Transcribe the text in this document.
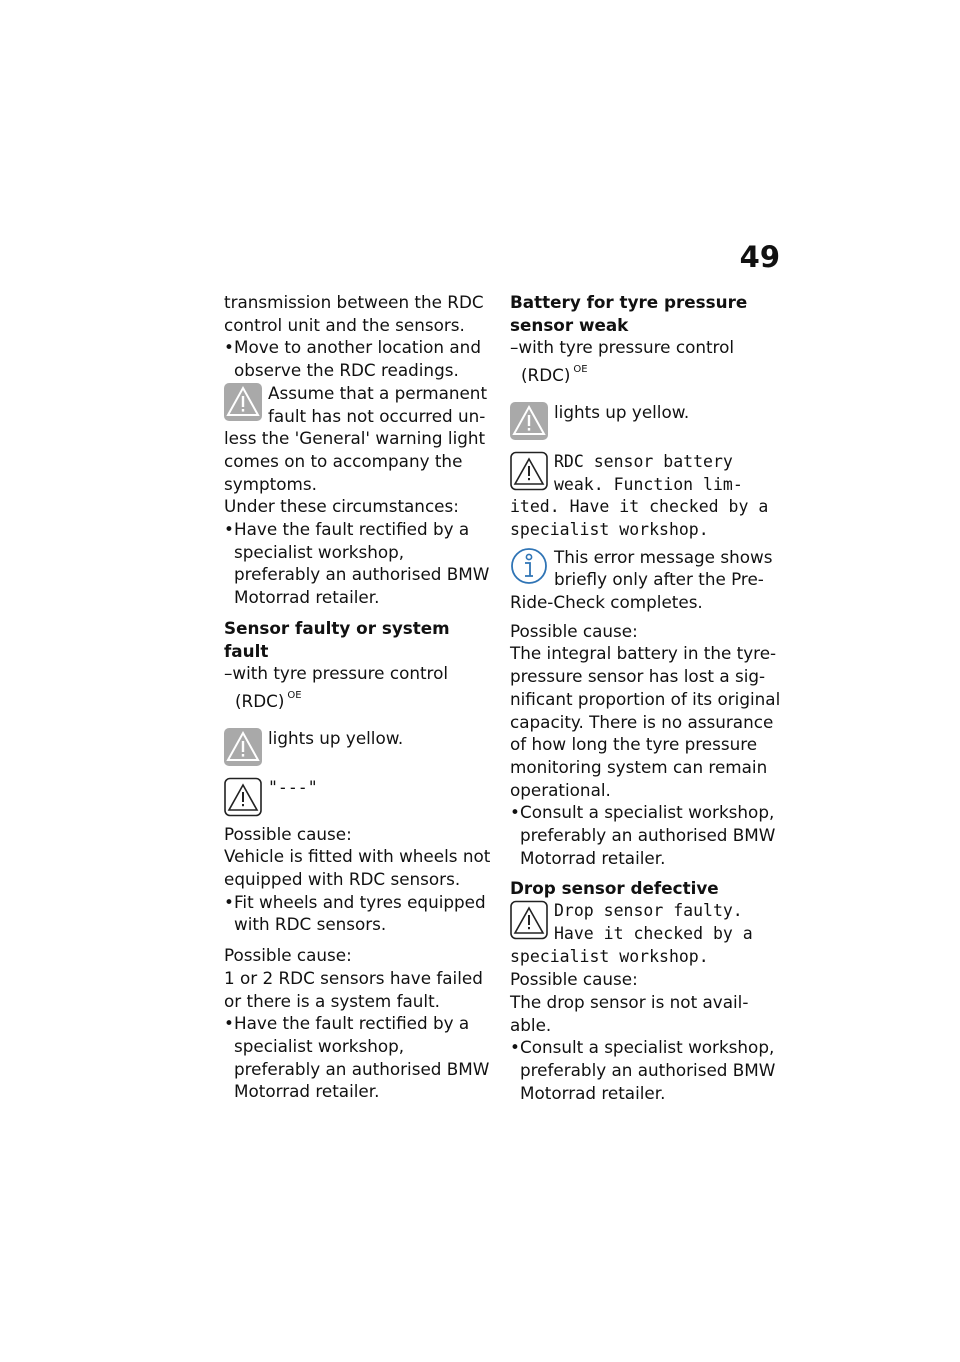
49

transmission between the RDC control unit and the sensors.

• Move to another location and observe the RDC readings.

Assume that a permanent fault has not occurred unless the 'General' warning light comes on to accompany the symptoms.

Under these circumstances:

• Have the fault rectified by a specialist workshop, preferably an authorised BMW Motorrad retailer.

Sensor faulty or system fault

–with tyre pressure control (RDC) $^{OE}$

lights up yellow.

"---"

Possible cause:

Vehicle is fitted with wheels not equipped with RDC sensors.

• Fit wheels and tyres equipped with RDC sensors.

Possible cause:

1 or 2 RDC sensors have failed or there is a system fault.

• Have the fault rectified by a specialist workshop, preferably an authorised BMW Motorrad retailer.

Battery for tyre pressure sensor weak

–with tyre pressure control (RDC) $^{OE}$

lights up yellow.

RDC sensor battery weak. Function limited. Have it checked by a specialist workshop.

This error message shows briefly only after the Pre-Ride-Check completes.

Possible cause:

The integral battery in the tyre-pressure sensor has lost a significant proportion of its original capacity. There is no assurance of how long the tyre pressure monitoring system can remain operational.

• Consult a specialist workshop, preferably an authorised BMW Motorrad retailer.

Drop sensor defective

Drop sensor faulty. Have it checked by a specialist workshop.

Possible cause:

The drop sensor is not available.

• Consult a specialist workshop, preferably an authorised BMW Motorrad retailer.
